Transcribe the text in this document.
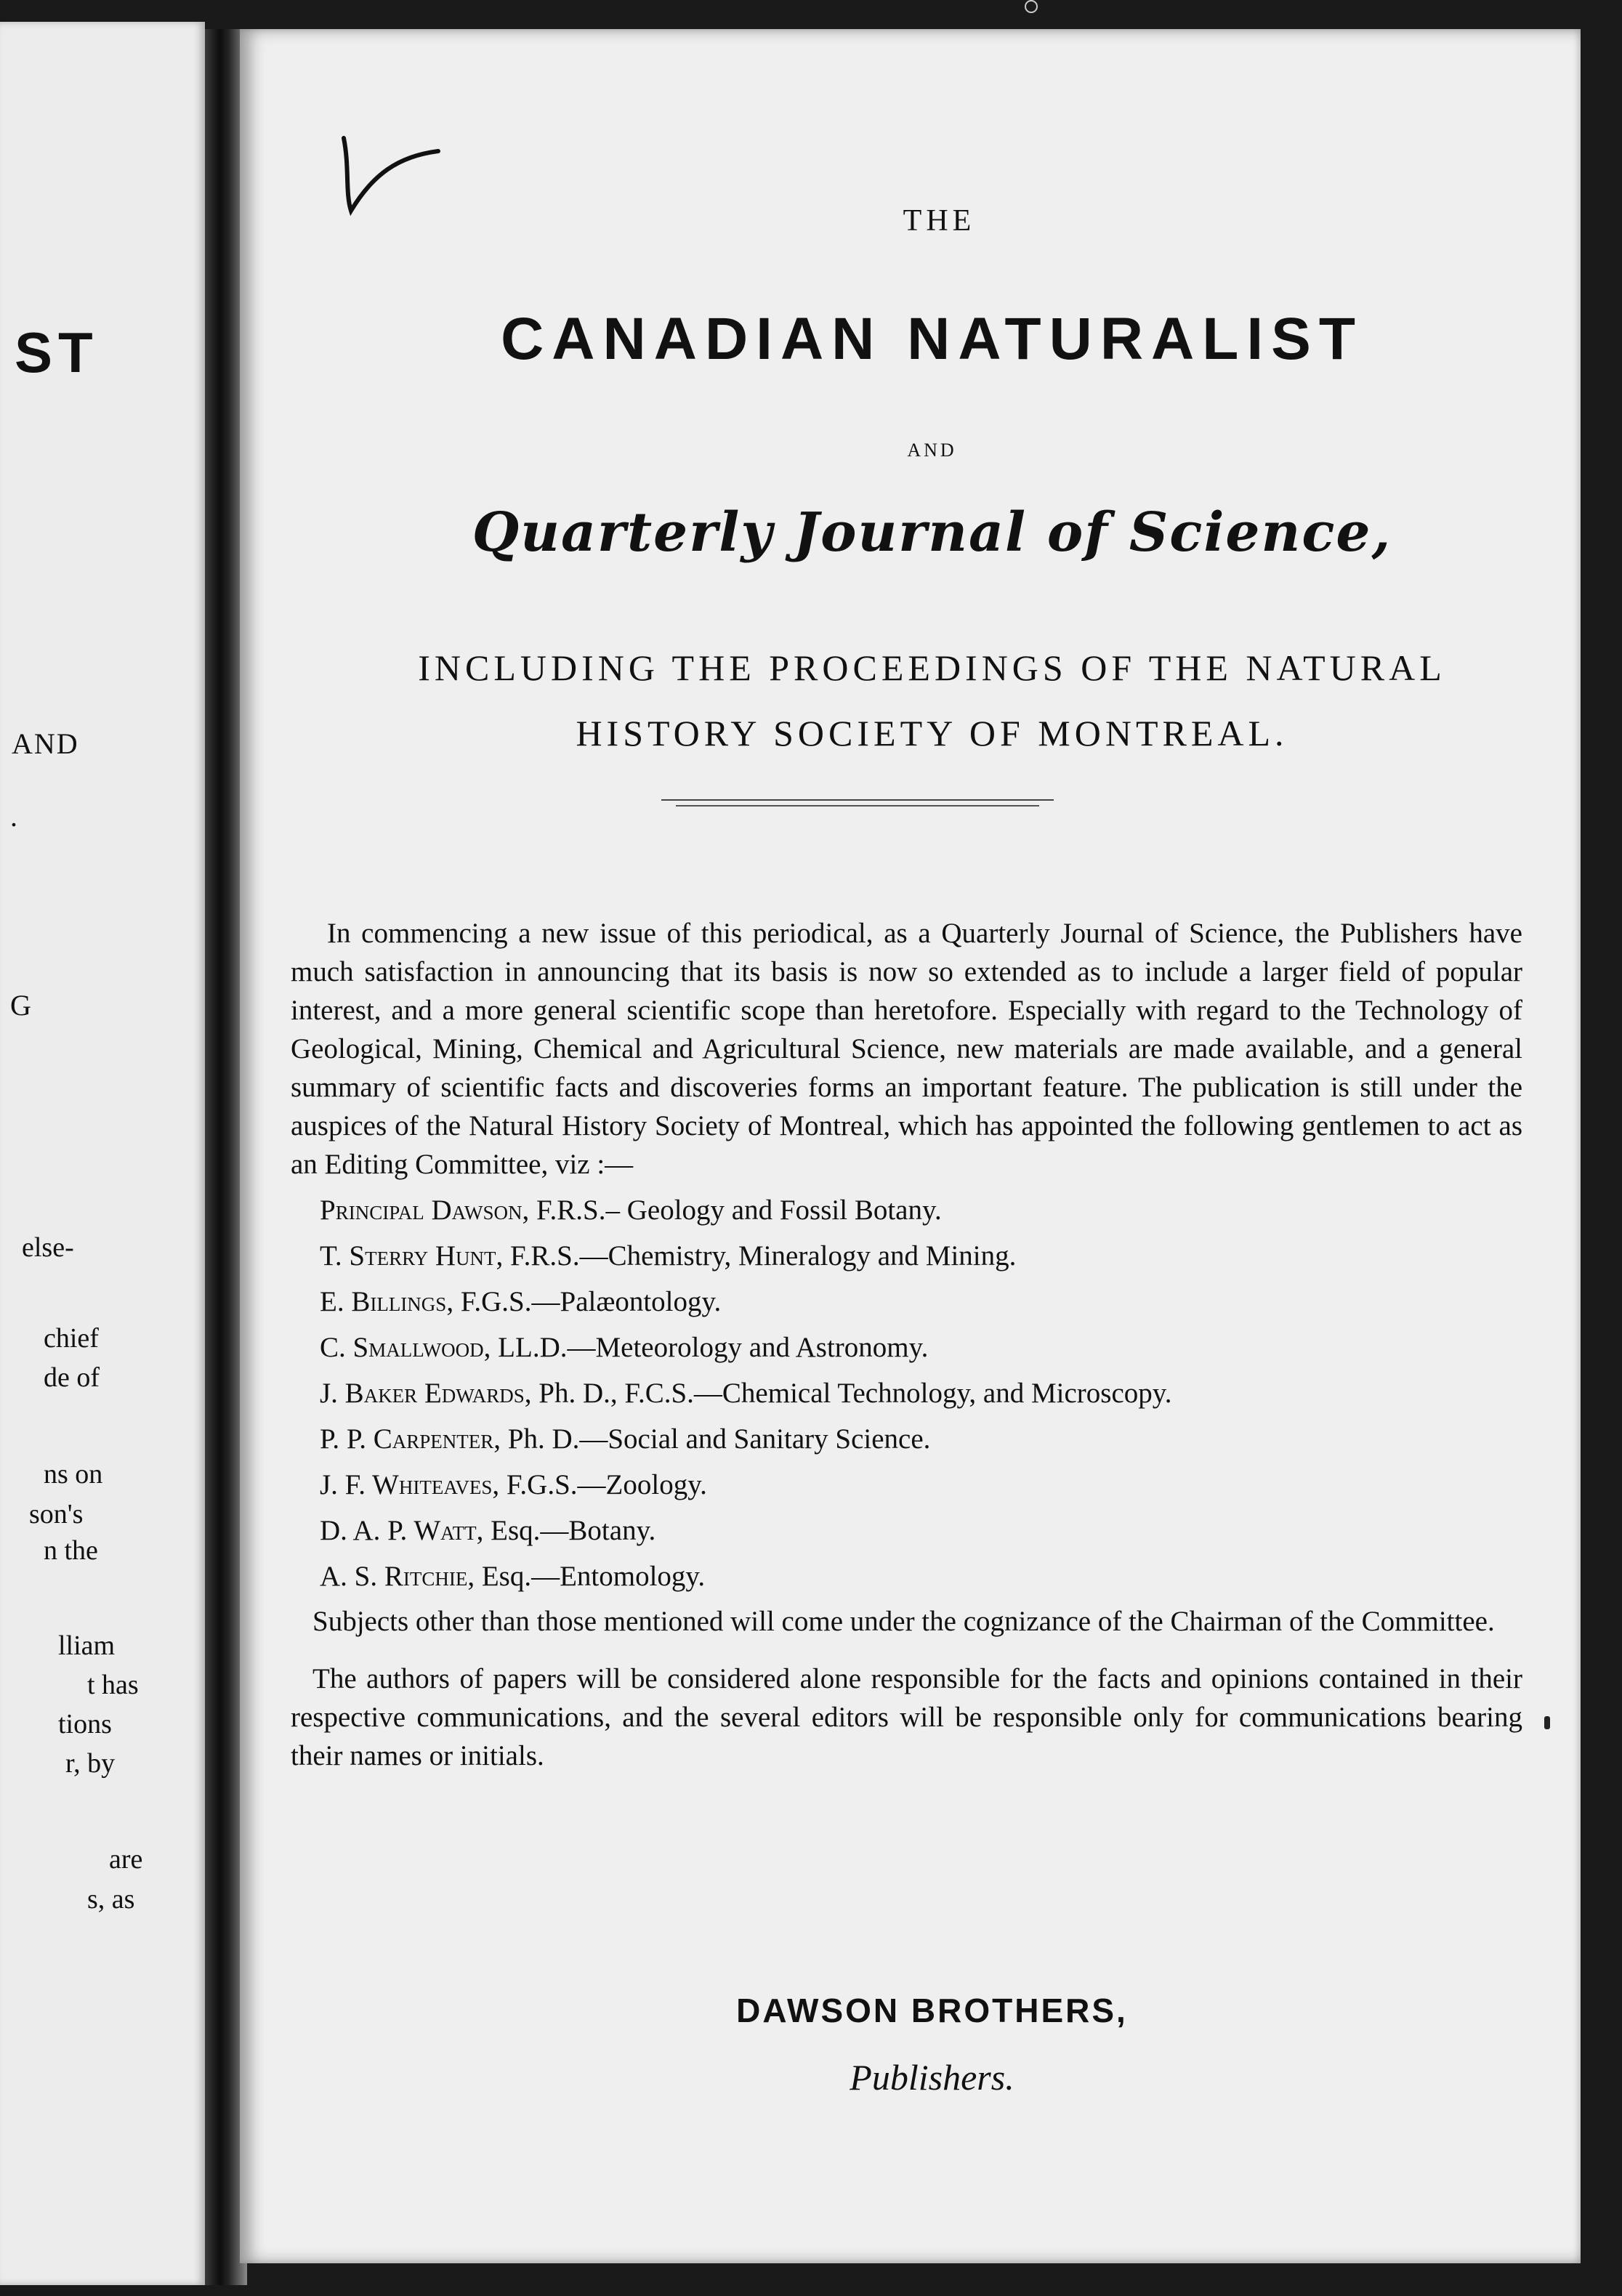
ST
AND
.
G
else-
chief
de of
ns on
son's
n the
lliam
t has
tions
r, by
are
s, as
THE
CANADIAN NATURALIST
AND
Quarterly Journal of Science,
INCLUDING THE PROCEEDINGS OF THE NATURAL
HISTORY SOCIETY OF MONTREAL.

In commencing a new issue of this periodical, as a Quarterly Journal of Science, the Publishers have much satisfaction in announcing that its basis is now so extended as to include a larger field of popular interest, and a more general scientific scope than heretofore. Especially with regard to the Technology of Geological, Mining, Chemical and Agricultural Science, new materials are made available, and a general summary of scientific facts and discoveries forms an important feature. The publication is still under the auspices of the Natural History Society of Montreal, which has appointed the following gentlemen to act as an Editing Committee, viz :—

Principal Dawson, F.R.S.– Geology and Fossil Botany.
T. Sterry Hunt, F.R.S.—Chemistry, Mineralogy and Mining.
E. Billings, F.G.S.—Palæontology.
C. Smallwood, LL.D.—Meteorology and Astronomy.
J. Baker Edwards, Ph. D., F.C.S.—Chemical Technology, and Microscopy.
P. P. Carpenter, Ph. D.—Social and Sanitary Science.
J. F. Whiteaves, F.G.S.—Zoology.
D. A. P. Watt, Esq.—Botany.
A. S. Ritchie, Esq.—Entomology.

Subjects other than those mentioned will come under the cognizance of the Chairman of the Committee.

The authors of papers will be considered alone responsible for the facts and opinions contained in their respective communications, and the several editors will be responsible only for communications bearing their names or initials.

DAWSON BROTHERS,
Publishers.
